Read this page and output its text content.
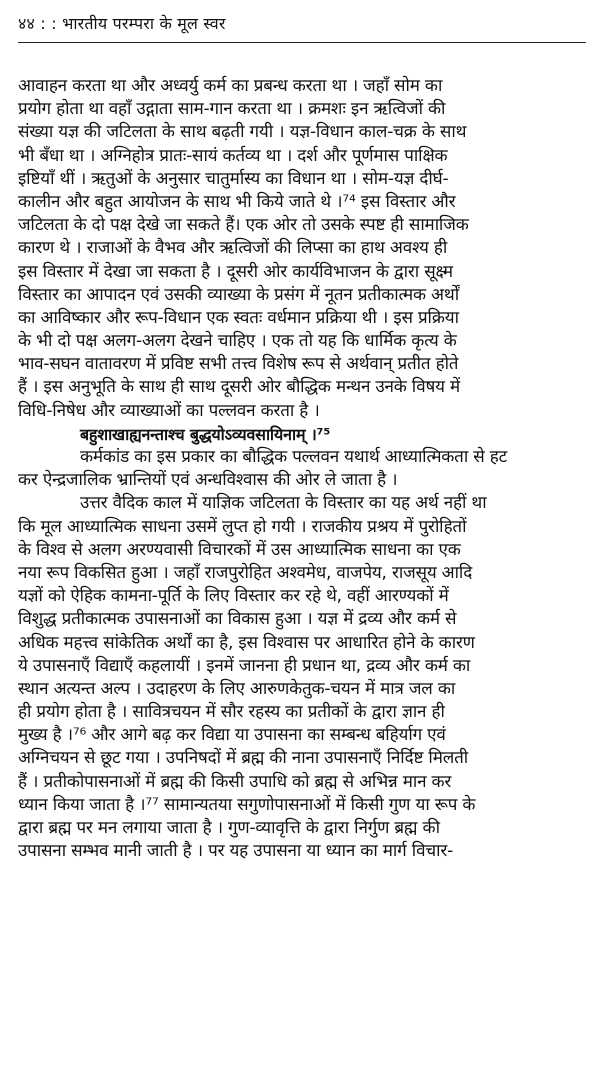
४४ : : भारतीय परम्परा के मूल स्वर
आवाहन करता था और अध्वर्यु कर्म का प्रबन्ध करता था । जहाँ सोम का
प्रयोग होता था वहाँ उद्गाता साम-गान करता था । क्रमशः इन ऋत्विजों की
संख्या यज्ञ की जटिलता के साथ बढ़ती गयी । यज्ञ-विधान काल-चक्र के साथ
भी बँधा था । अग्निहोत्र प्रातः-सायं कर्तव्य था । दर्श और पूर्णमास पाक्षिक
इष्टियाँ थीं । ऋतुओं के अनुसार चातुर्मास्य का विधान था । सोम-यज्ञ दीर्घ-
कालीन और बहुत आयोजन के साथ भी किये जाते थे ।⁷⁴ इस विस्तार और
जटिलता के दो पक्ष देखे जा सकते हैं। एक ओर तो उसके स्पष्ट ही सामाजिक
कारण थे । राजाओं के वैभव और ऋत्विजों की लिप्सा का हाथ अवश्य ही
इस विस्तार में देखा जा सकता है । दूसरी ओर कार्यविभाजन के द्वारा सूक्ष्म
विस्तार का आपादन एवं उसकी व्याख्या के प्रसंग में नूतन प्रतीकात्मक अर्थों
का आविष्कार और रूप-विधान एक स्वतः वर्धमान प्रक्रिया थी । इस प्रक्रिया
के भी दो पक्ष अलग-अलग देखने चाहिए । एक तो यह कि धार्मिक कृत्य के
भाव-सघन वातावरण में प्रविष्ट सभी तत्त्व विशेष रूप से अर्थवान् प्रतीत होते
हैं । इस अनुभूति के साथ ही साथ दूसरी ओर बौद्धिक मन्थन उनके विषय में
विधि-निषेध और व्याख्याओं का पल्लवन करता है ।
बहुशाखाह्यनन्ताश्च बुद्धयोऽव्यवसायिनाम् ।⁷⁵
कर्मकांड का इस प्रकार का बौद्धिक पल्लवन यथार्थ आध्यात्मिकता से हट
कर ऐन्द्रजालिक भ्रान्तियों एवं अन्धविश्वास की ओर ले जाता है ।
उत्तर वैदिक काल में याज्ञिक जटिलता के विस्तार का यह अर्थ नहीं था
कि मूल आध्यात्मिक साधना उसमें लुप्त हो गयी । राजकीय प्रश्रय में पुरोहितों
के विश्व से अलग अरण्यवासी विचारकों में उस आध्यात्मिक साधना का एक
नया रूप विकसित हुआ । जहाँ राजपुरोहित अश्वमेध, वाजपेय, राजसूय आदि
यज्ञों को ऐहिक कामना-पूर्ति के लिए विस्तार कर रहे थे, वहीं आरण्यकों में
विशुद्ध प्रतीकात्मक उपासनाओं का विकास हुआ । यज्ञ में द्रव्य और कर्म से
अधिक महत्त्व सांकेतिक अर्थों का है, इस विश्वास पर आधारित होने के कारण
ये उपासनाएँ विद्याएँ कहलायीं । इनमें जानना ही प्रधान था, द्रव्य और कर्म का
स्थान अत्यन्त अल्प । उदाहरण के लिए आरुणकेतुक-चयन में मात्र जल का
ही प्रयोग होता है । सावित्रचयन में सौर रहस्य का प्रतीकों के द्वारा ज्ञान ही
मुख्य है ।⁷⁶ और आगे बढ़ कर विद्या या उपासना का सम्बन्ध बहिर्याग एवं
अग्निचयन से छूट गया । उपनिषदों में ब्रह्म की नाना उपासनाएँ निर्दिष्ट मिलती
हैं । प्रतीकोपासनाओं में ब्रह्म की किसी उपाधि को ब्रह्म से अभिन्न मान कर
ध्यान किया जाता है ।⁷⁷ सामान्यतया सगुणोपासनाओं में किसी गुण या रूप के
द्वारा ब्रह्म पर मन लगाया जाता है । गुण-व्यावृत्ति के द्वारा निर्गुण ब्रह्म की
उपासना सम्भव मानी जाती है । पर यह उपासना या ध्यान का मार्ग विचार-
